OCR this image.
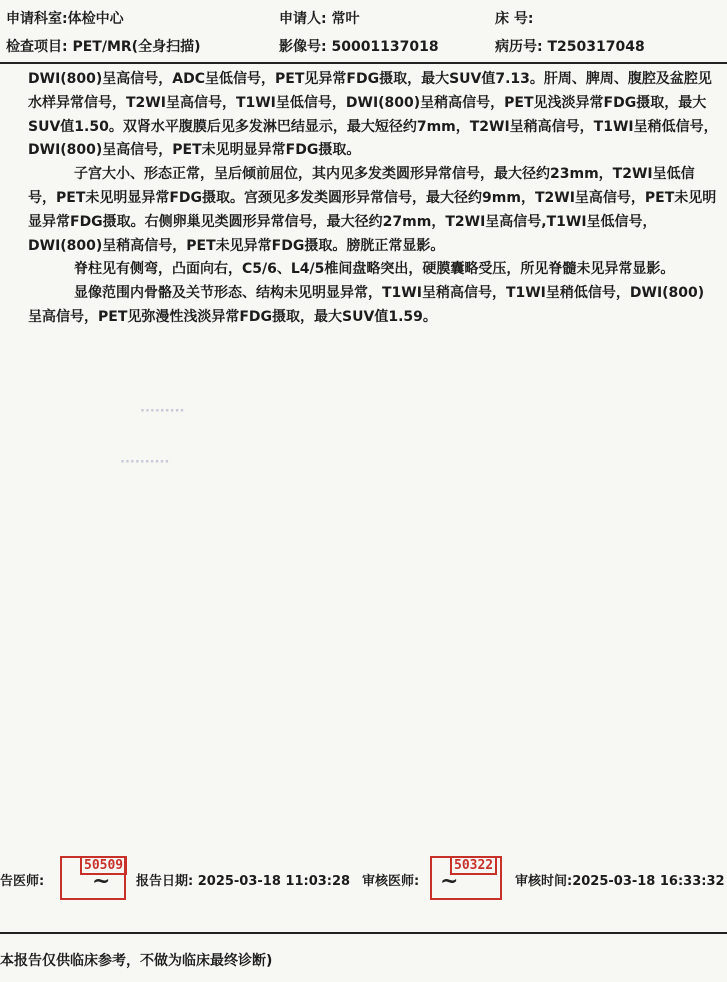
申请科室:体检中心	申请人: 常叶	床 号:
检查项目: PET/MR(全身扫描)	影像号: 50001137018	病历号: T250317048
·········
··········

DWI(800)呈高信号，ADC呈低信号，PET见异常FDG摄取，最大SUV值7.13。肝周、脾周、腹腔及盆腔见水样异常信号，T2WI呈高信号，T1WI呈低信号，DWI(800)呈稍高信号，PET见浅淡异常FDG摄取，最大SUV值1.50。双肾水平腹膜后见多发淋巴结显示，最大短径约7mm，T2WI呈稍高信号，T1WI呈稍低信号，DWI(800)呈高信号，PET未见明显异常FDG摄取。

子宫大小、形态正常，呈后倾前屈位，其内见多发类圆形异常信号，最大径约23mm，T2WI呈低信号，PET未见明显异常FDG摄取。宫颈见多发类圆形异常信号，最大径约9mm，T2WI呈高信号，PET未见明显异常FDG摄取。右侧卵巢见类圆形异常信号，最大径约27mm，T2WI呈高信号,T1WI呈低信号，DWI(800)呈稍高信号，PET未见异常FDG摄取。膀胱正常显影。

脊柱见有侧弯，凸面向右，C5/6、L4/5椎间盘略突出，硬膜囊略受压，所见脊髓未见异常显影。

显像范围内骨骼及关节形态、结构未见明显异常，T1WI呈稍高信号，T1WI呈稍低信号，DWI(800)呈高信号，PET见弥漫性浅淡异常FDG摄取，最大SUV值1.59。

告医师:
50509
~ 报告日期: 2025-03-18 11:03:28 审核医师:
50322
~	审核时间:2025-03-18 16:33:32
本报告仅供临床参考，不做为临床最终诊断)
